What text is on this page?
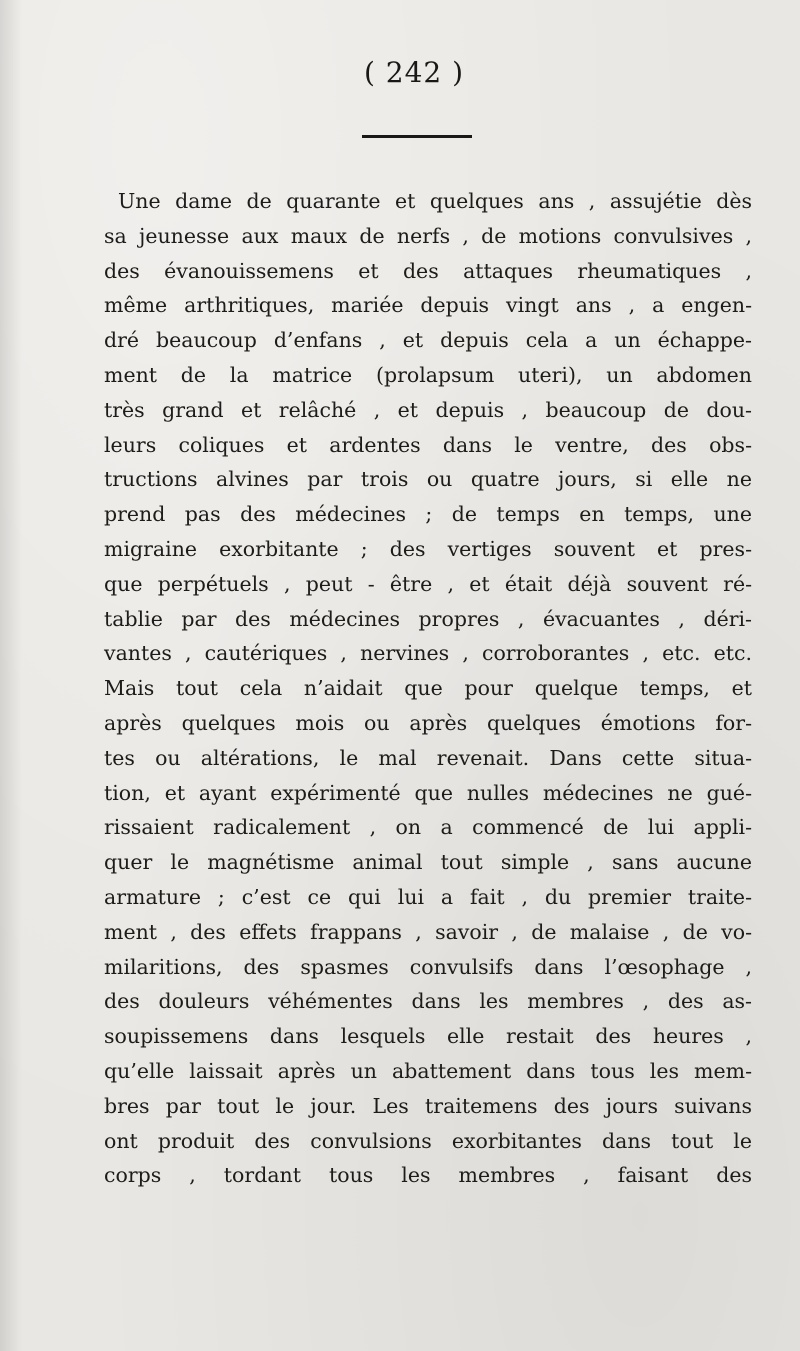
( 242 )
Une dame de quarante et quelques ans , assujétie dès
sa jeunesse aux maux de nerfs , de motions convulsives ,
des évanouissemens et des attaques rheumatiques ,
même arthritiques, mariée depuis vingt ans , a engen-
dré beaucoup d’enfans , et depuis cela a un échappe-
ment de la matrice (prolapsum uteri), un abdomen
très grand et relâché , et depuis , beaucoup de dou-
leurs coliques et ardentes dans le ventre, des obs-
tructions alvines par trois ou quatre jours, si elle ne
prend pas des médecines ; de temps en temps, une
migraine exorbitante ; des vertiges souvent et pres-
que perpétuels , peut - être , et était déjà souvent ré-
tablie par des médecines propres , évacuantes , déri-
vantes , cautériques , nervines , corroborantes , etc. etc.
Mais tout cela n’aidait que pour quelque temps, et
après quelques mois ou après quelques émotions for-
tes ou altérations, le mal revenait. Dans cette situa-
tion, et ayant expérimenté que nulles médecines ne gué-
rissaient radicalement , on a commencé de lui appli-
quer le magnétisme animal tout simple , sans aucune
armature ; c’est ce qui lui a fait , du premier traite-
ment , des effets frappans , savoir , de malaise , de vo-
milaritions, des spasmes convulsifs dans l’œsophage ,
des douleurs véhémentes dans les membres , des as-
soupissemens dans lesquels elle restait des heures ,
qu’elle laissait après un abattement dans tous les mem-
bres par tout le jour. Les traitemens des jours suivans
ont produit des convulsions exorbitantes dans tout le
corps , tordant tous les membres , faisant des
